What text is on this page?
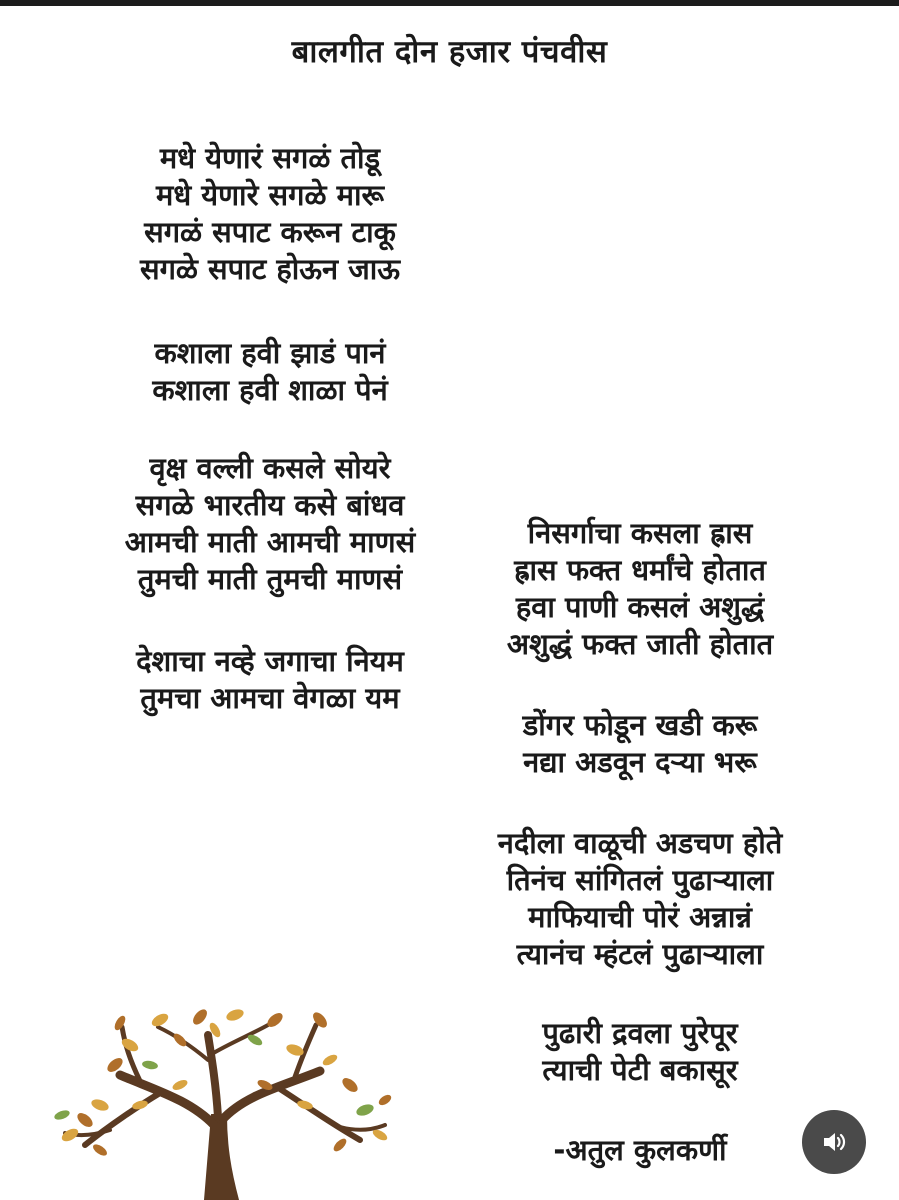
बालगीत दोन हजार पंचवीस
मधे येणारं सगळं तोडू
मधे येणारे सगळे मारू
सगळं सपाट करून टाकू
सगळे सपाट होऊन जाऊ
कशाला हवी झाडं पानं
कशाला हवी शाळा पेनं
वृक्ष वल्ली कसले सोयरे
सगळे भारतीय कसे बांधव
आमची माती आमची माणसं
तुमची माती तुमची माणसं
देशाचा नव्हे जगाचा नियम
तुमचा आमचा वेगळा यम
निसर्गाचा कसला ह्रास
ह्रास फक्त धर्मांचे होतात
हवा पाणी कसलं अशुद्धं
अशुद्धं फक्त जाती होतात
डोंगर फोडून खडी करू
नद्या अडवून दऱ्या भरू
नदीला वाळूची अडचण होते
तिनंच सांगितलं पुढाऱ्याला
माफियाची पोरं अन्नान्नं
त्यानंच म्हंटलं पुढाऱ्याला
पुढारी द्रवला पुरेपूर
त्याची पेटी बकासूर
-अतुल कुलकर्णी
